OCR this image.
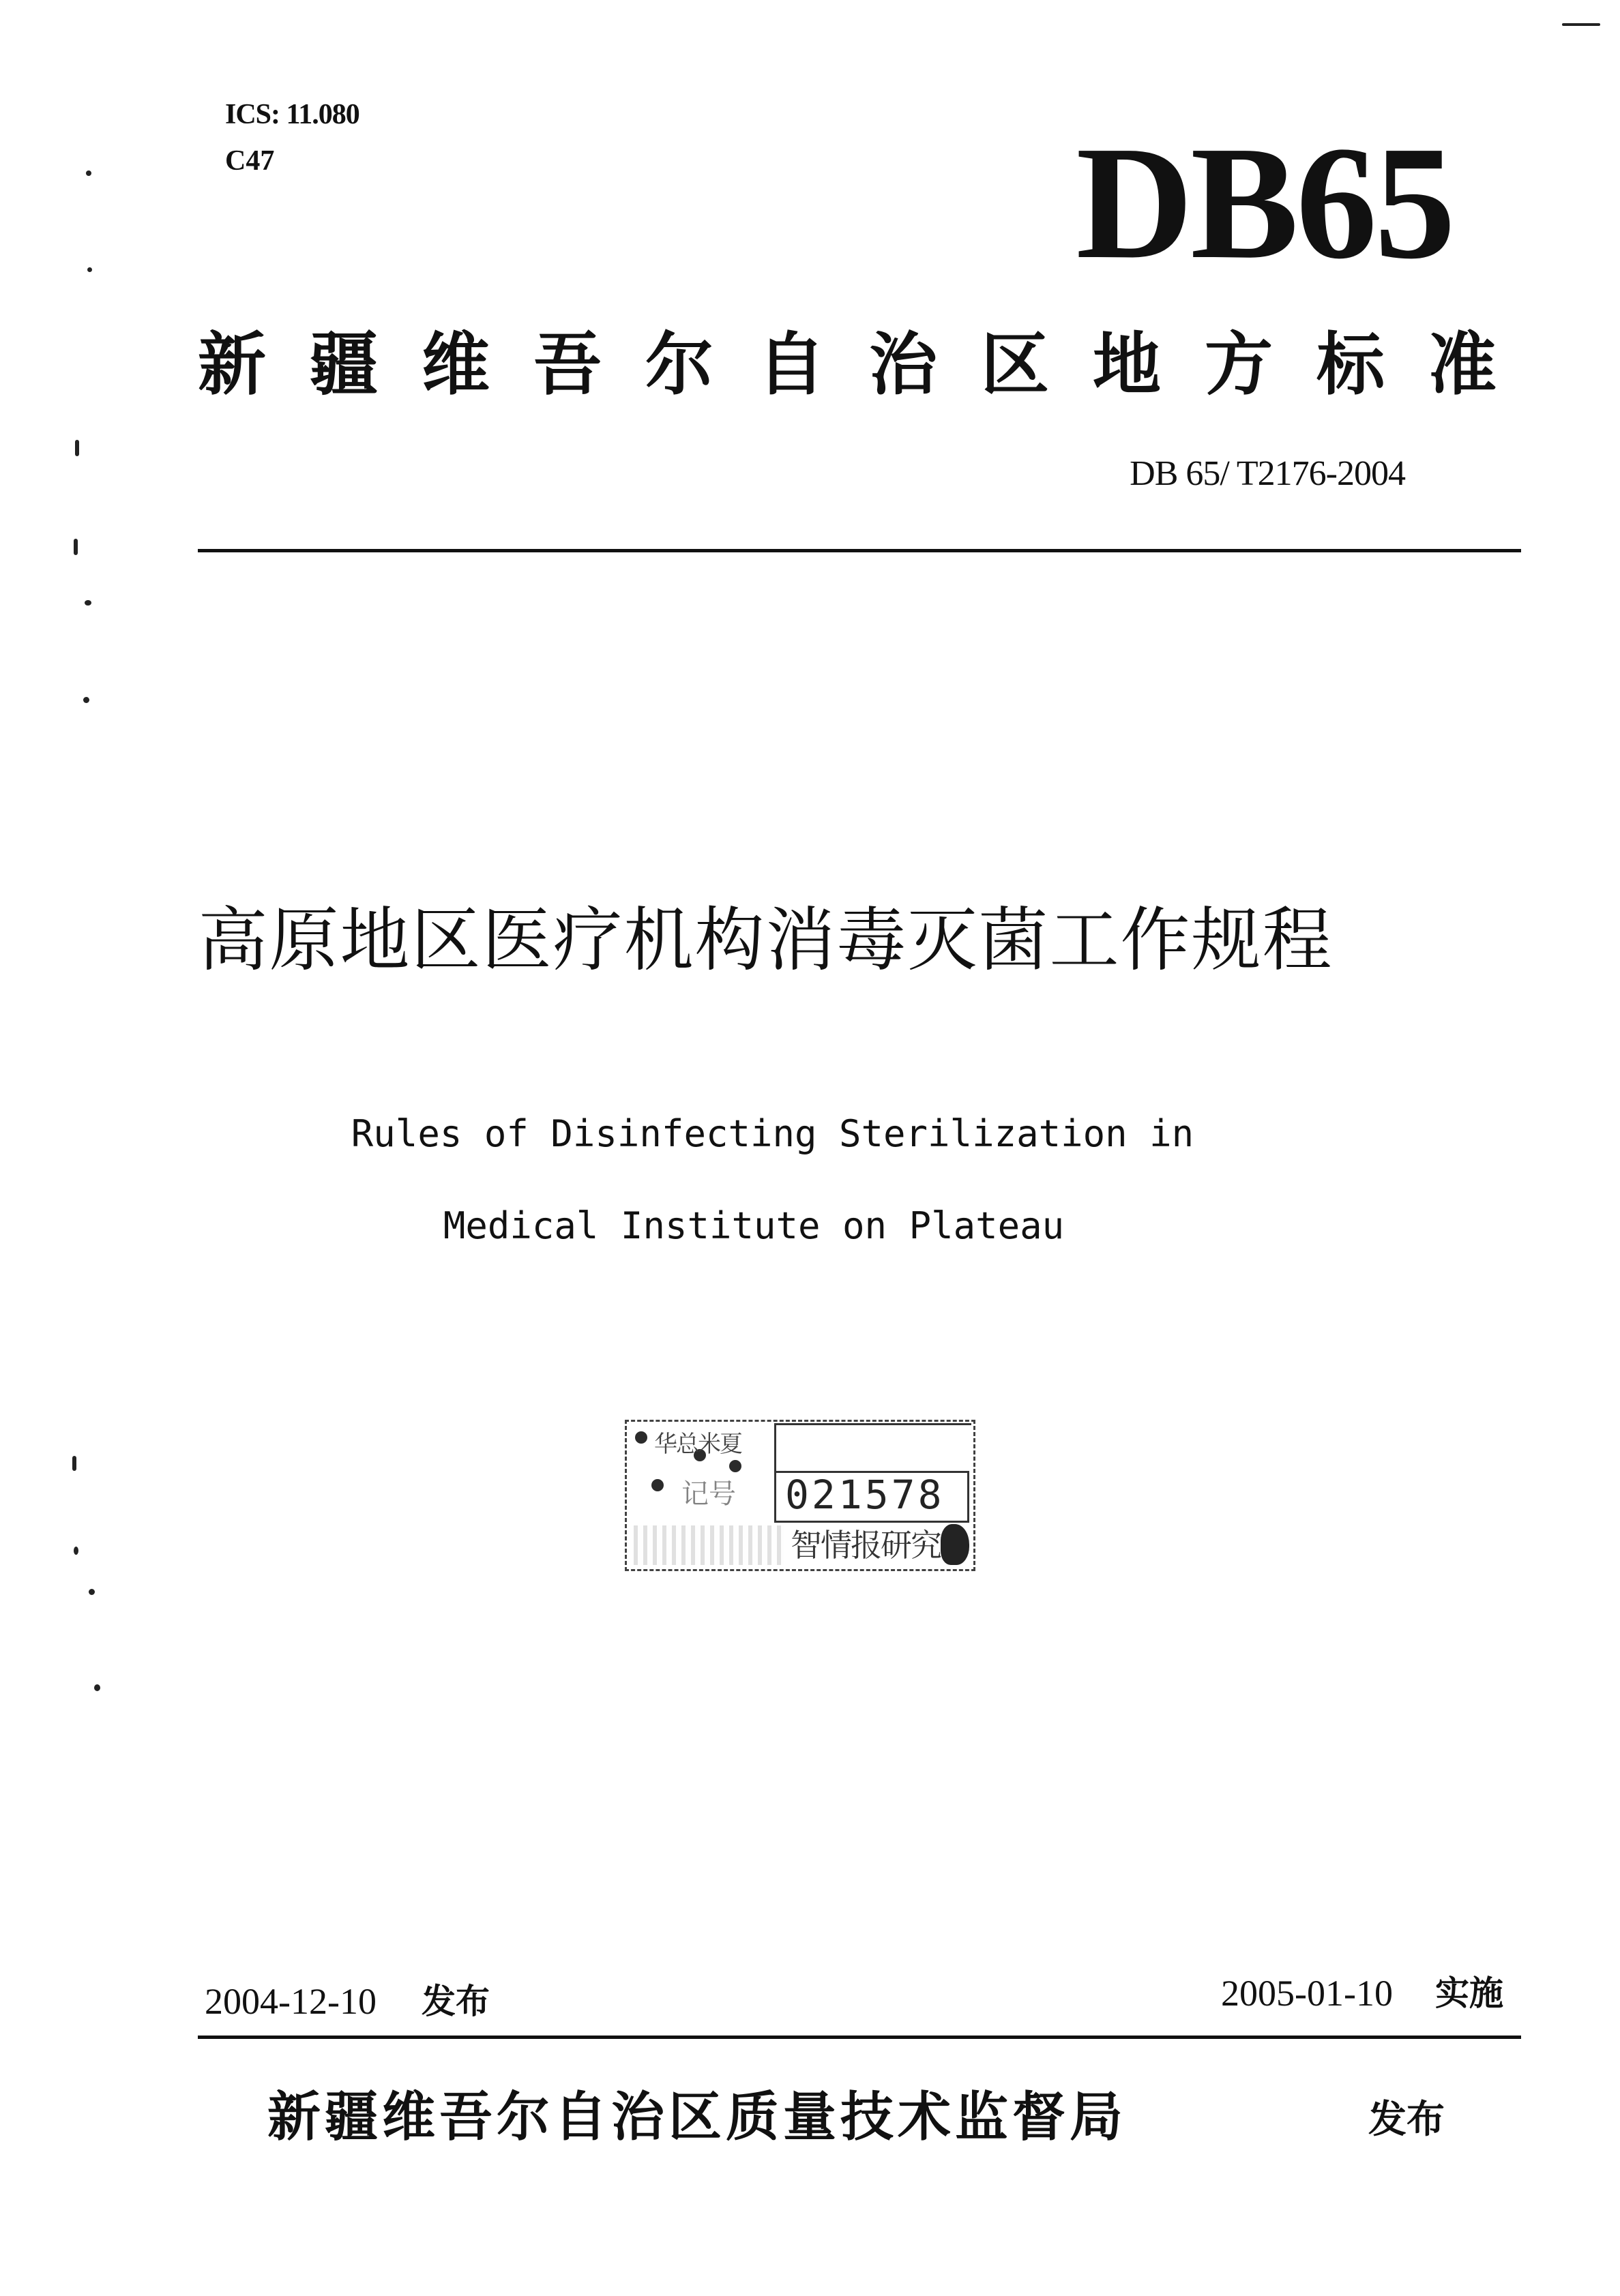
ICS: 11.080
C47	DB65
新疆维吾尔自治区地方标准
DB 65/ T2176-2004
高原地区医疗机构消毒灭菌工作规程
Rules of Disinfecting Sterilization in
Medical Institute on Plateau
华总米夏
记号 021578
智情报研究
2004-12-10 发布	2005-01-10 实施
新疆维吾尔自治区质量技术监督局	发布
